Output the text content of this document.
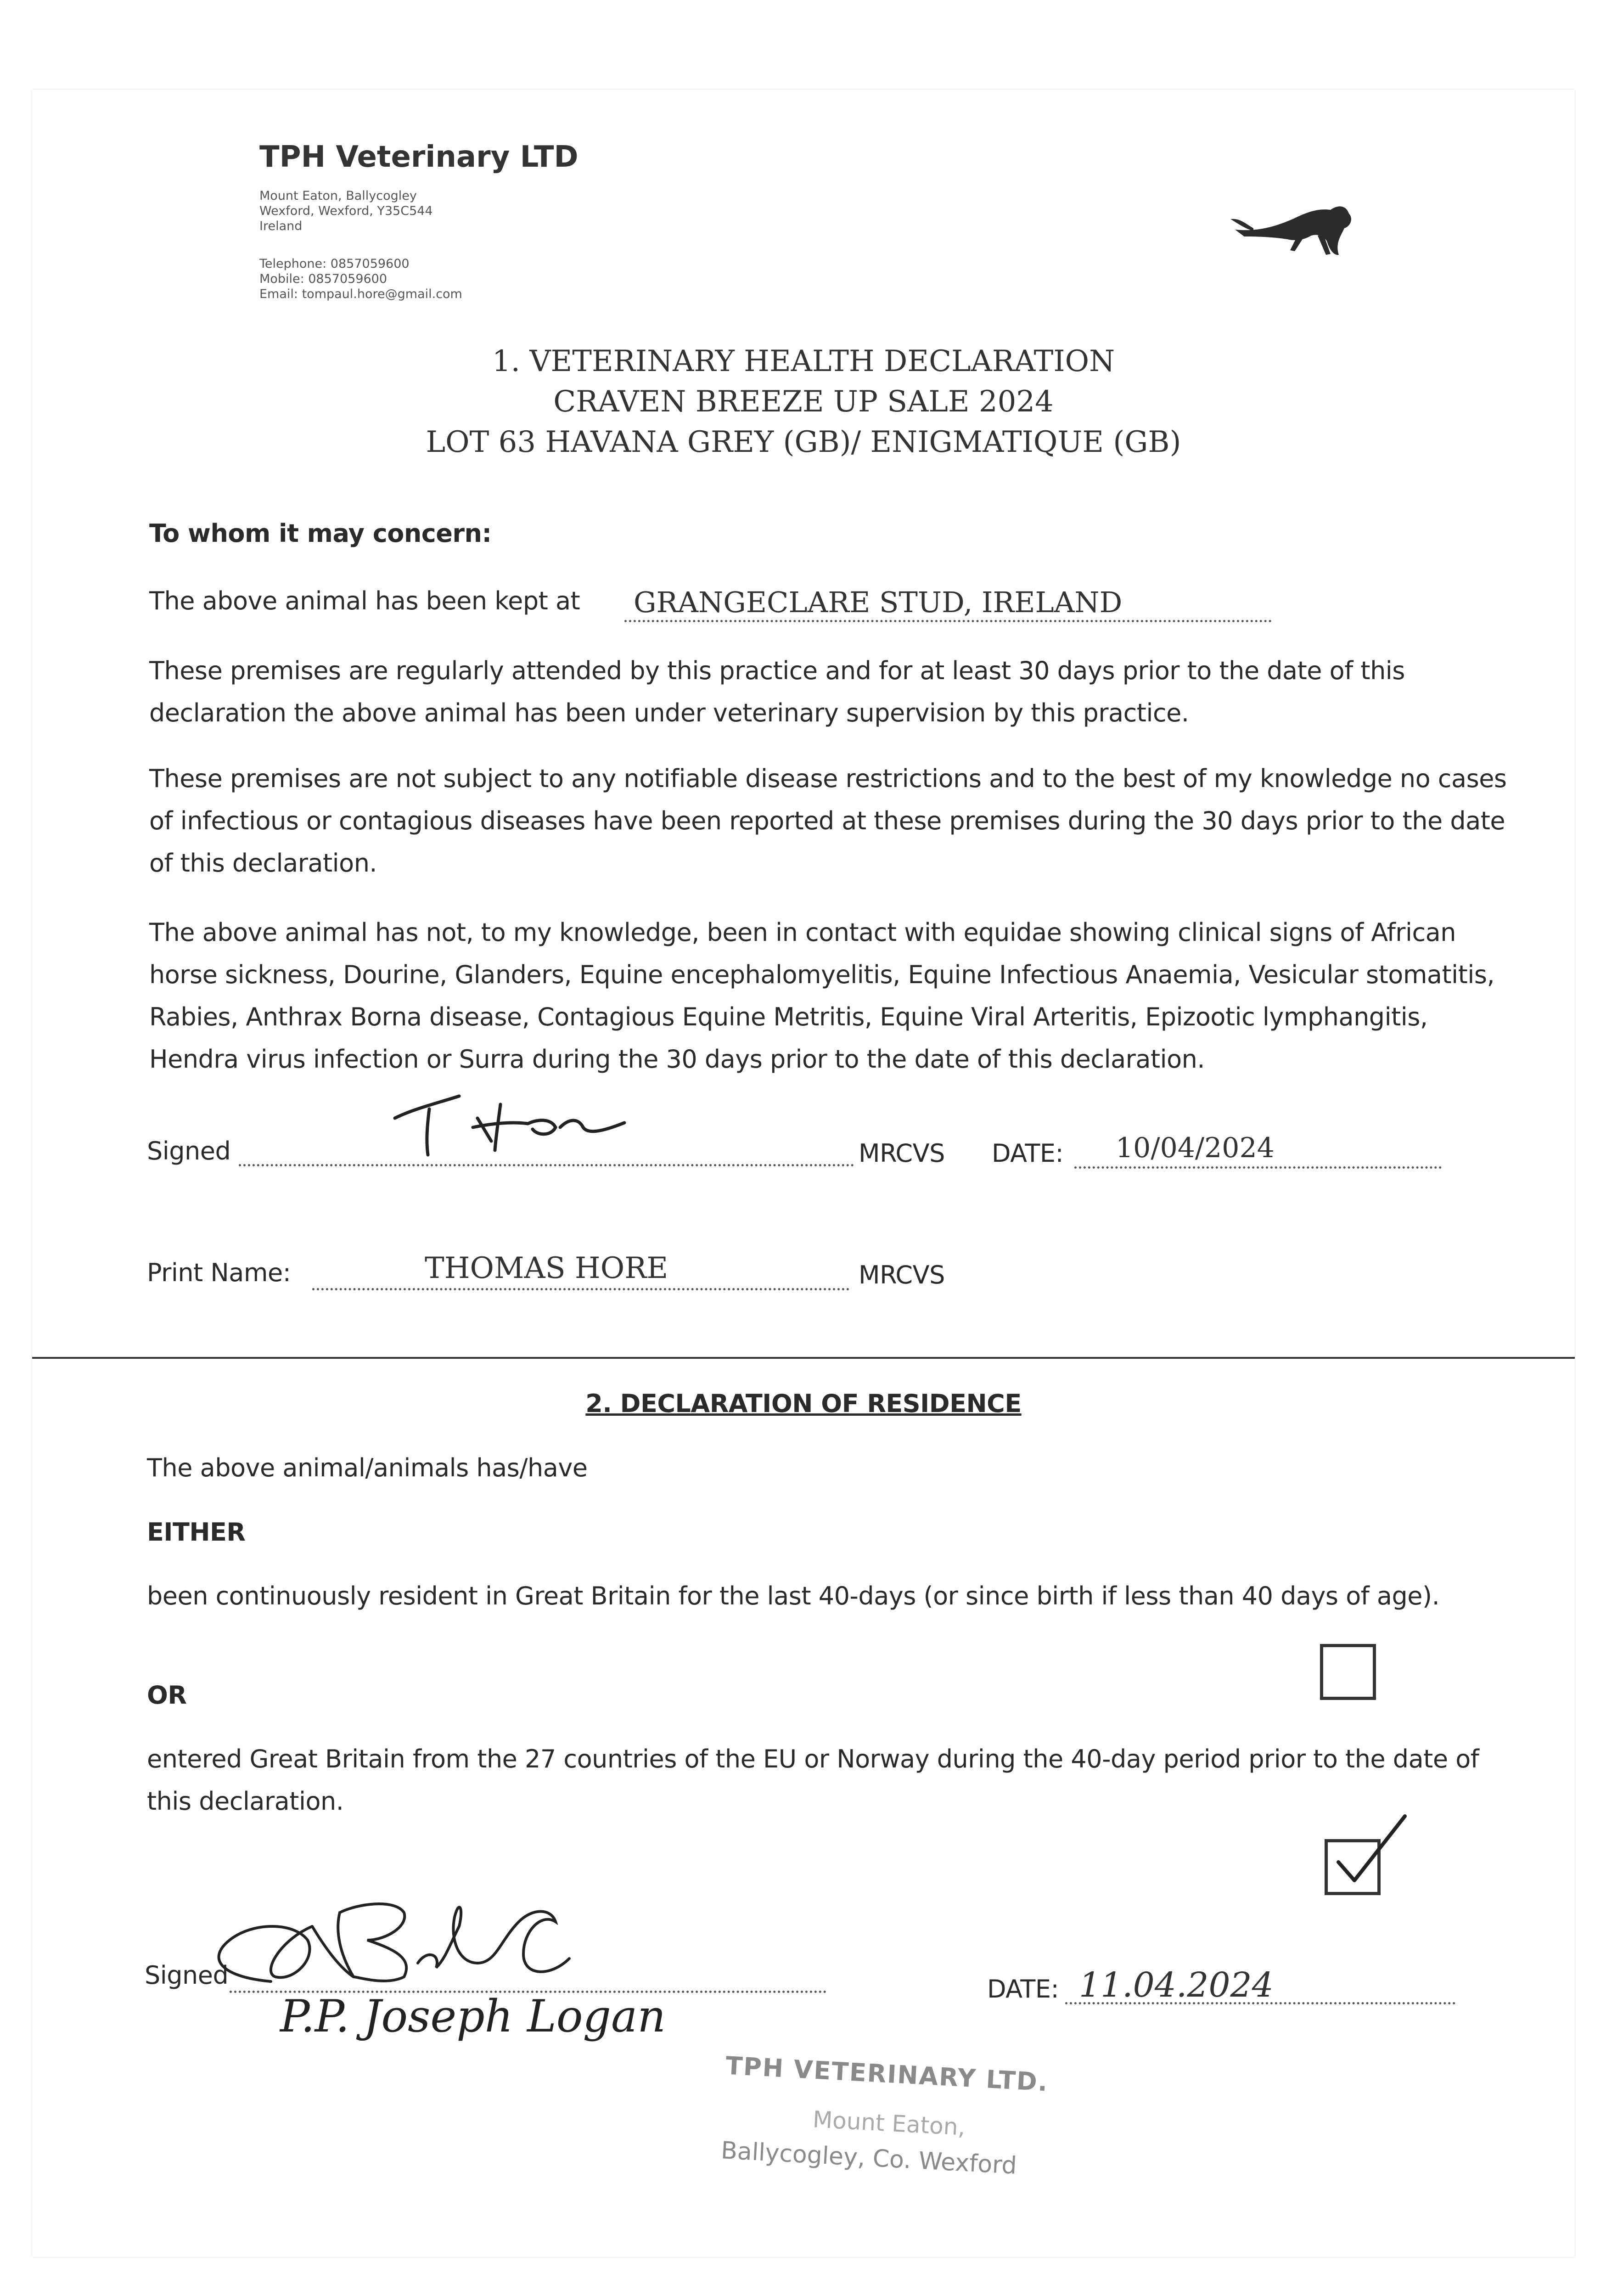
TPH Veterinary LTD
Mount Eaton, Ballycogley
Wexford, Wexford, Y35C544
Ireland
Telephone: 0857059600
Mobile: 0857059600
Email: tompaul.hore@gmail.com
1. VETERINARY HEALTH DECLARATION
CRAVEN BREEZE UP SALE 2024
LOT 63 HAVANA GREY (GB)/ ENIGMATIQUE (GB)
To whom it may concern:
The above animal has been kept at GRANGECLARE STUD, IRELAND
These premises are regularly attended by this practice and for at least 30 days prior to the date of this declaration the above animal has been under veterinary supervision by this practice.
These premises are not subject to any notifiable disease restrictions and to the best of my knowledge no cases of infectious or contagious diseases have been reported at these premises during the 30 days prior to the date of this declaration.
The above animal has not, to my knowledge, been in contact with equidae showing clinical signs of African horse sickness, Dourine, Glanders, Equine encephalomyelitis, Equine Infectious Anaemia, Vesicular stomatitis, Rabies, Anthrax Borna disease, Contagious Equine Metritis, Equine Viral Arteritis, Epizootic lymphangitis, Hendra virus infection or Surra during the 30 days prior to the date of this declaration.
Signed
T Hore
MRCVS DATE: 10/04/2024
Print Name:	THOMAS HORE	MRCVS
2. DECLARATION OF RESIDENCE
The above animal/animals has/have
EITHER
been continuously resident in Great Britain for the last 40-days (or since birth if less than 40 days of age).
OR
entered Great Britain from the 27 countries of the EU or Norway during the 40-day period prior to the date of this declaration.
Signed
AR Ball
P.P. Joseph Logan
DATE: 11.04.2024
TPH VETERINARY LTD.
Mount Eaton,
Ballycogley, Co. Wexford
